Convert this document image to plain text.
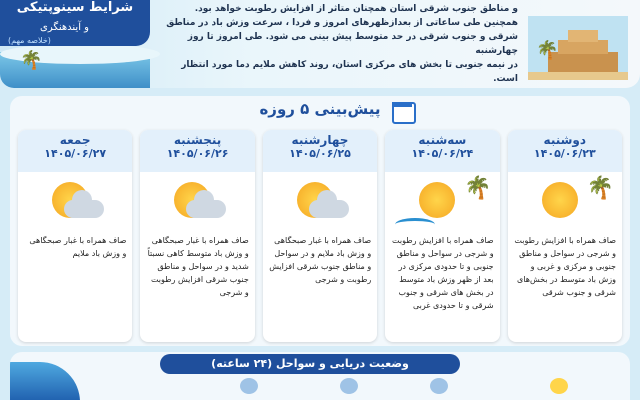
🌴
شرایط سینوپتیکی
و آیندهنگری
(خلاصه مهم)
و مناطق جنوب شرقی استان همچنان متاثر از افزایش رطوبت خواهد بود.
همچنین طی ساعاتی از بعدازظهرهای امروز و فردا ، سرعت وزش باد در مناطق
شرقی و جنوب شرقی در حد متوسط پیش بینی می شود. طی امروز تا روز چهارشنبه
در نیمه جنوبی تا بخش های مرکزی استان، روند کاهش ملایم دما مورد انتظار است.
🌴
پیش‌بینی ۵ روزه
دوشنبه
۱۴۰۵/۰۶/۲۳
🌴
صاف همراه با افزایش رطوبت و شرجی در سواحل و مناطق جنوبی و مرکزی و غربی و وزش باد متوسط در بخش‌های شرقی و جنوب شرقی
سه‌شنبه
۱۴۰۵/۰۶/۲۴
🌴
صاف همراه با افزایش رطوبت و شرجی در سواحل و مناطق جنوبی و تا حدودی مرکزی در بعد از ظهر وزش باد متوسط در بخش های شرقی و جنوب شرقی و تا حدودی غربی
چهارشنبه
۱۴۰۵/۰۶/۲۵
صاف همراه با غبار صبحگاهی و وزش باد ملایم و در سواحل و مناطق جنوب شرقی افزایش رطوبت و شرجی
پنجشنبه
۱۴۰۵/۰۶/۲۶
صاف همراه با غبار صبحگاهی و وزش باد متوسط کاهی نسبتاً شدید و در سواحل و مناطق جنوب شرقی افزایش رطوبت و شرجی
جمعه
۱۴۰۵/۰۶/۲۷
صاف همراه با غبار صبحگاهی و وزش باد ملایم
وضعیت دریایی و سواحل (۲۴ ساعته)
